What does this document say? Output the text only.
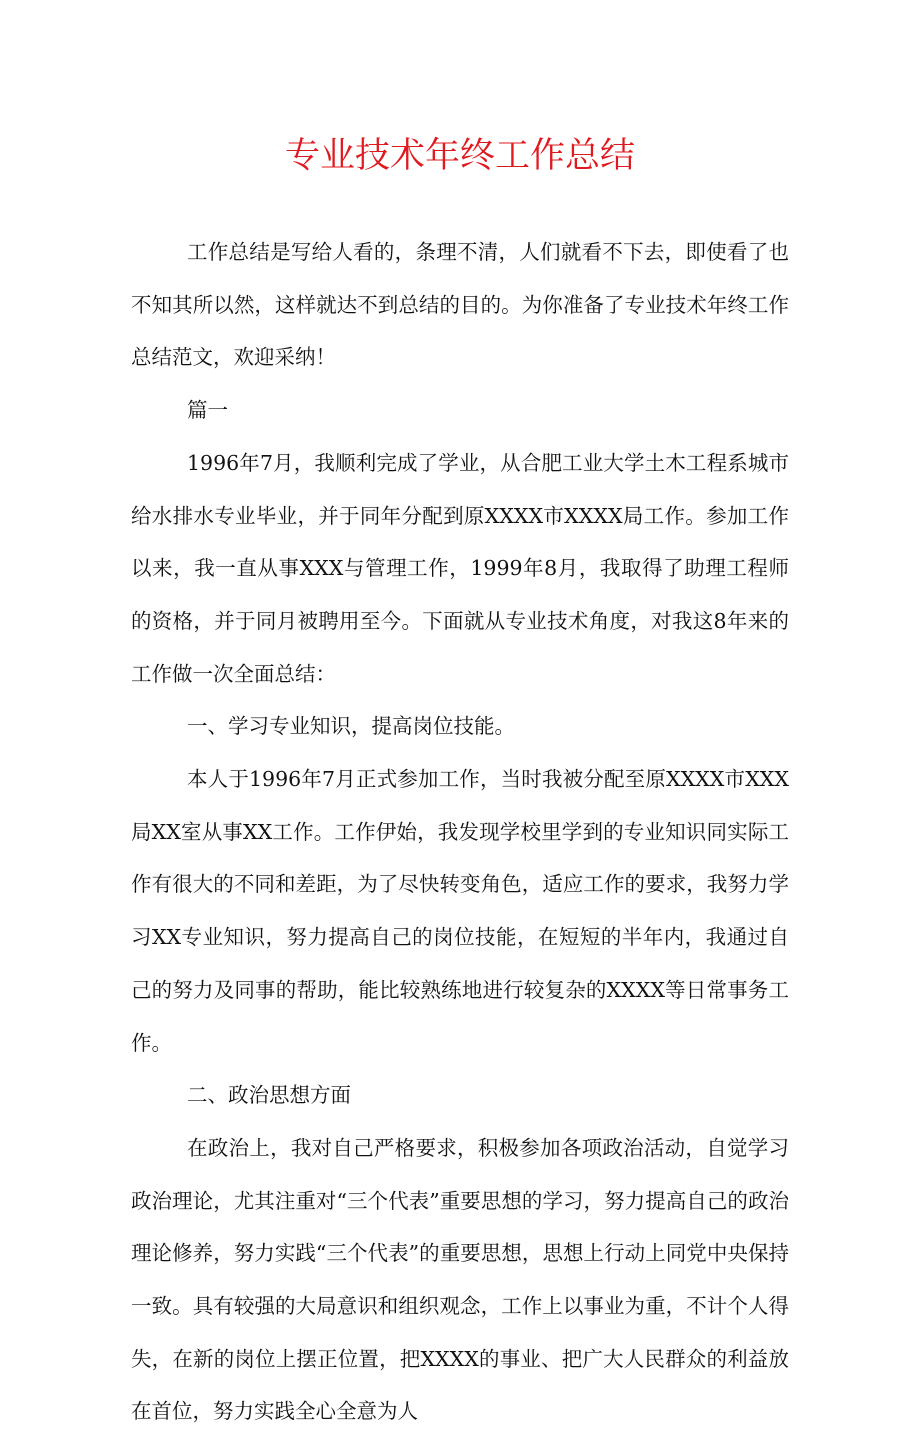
专业技术年终工作总结

工作总结是写给人看的，条理不清，人们就看不下去，即使看了也不知其所以然，这样就达不到总结的目的。为你准备了专业技术年终工作总结范文，欢迎采纳！

篇一

1996年7月，我顺利完成了学业，从合肥工业大学土木工程系城市给水排水专业毕业，并于同年分配到原XXXX市XXXX局工作。参加工作以来，我一直从事XXX与管理工作，1999年8月，我取得了助理工程师的资格，并于同月被聘用至今。下面就从专业技术角度，对我这8年来的工作做一次全面总结：

一、学习专业知识，提高岗位技能。

本人于1996年7月正式参加工作，当时我被分配至原XXXX市XXX局XX室从事XX工作。工作伊始，我发现学校里学到的专业知识同实际工作有很大的不同和差距，为了尽快转变角色，适应工作的要求，我努力学习XX专业知识，努力提高自己的岗位技能，在短短的半年内，我通过自己的努力及同事的帮助，能比较熟练地进行较复杂的XXXX等日常事务工作。

二、政治思想方面

在政治上，我对自己严格要求，积极参加各项政治活动，自觉学习政治理论，尤其注重对“三个代表”重要思想的学习，努力提高自己的政治理论修养，努力实践“三个代表”的重要思想，思想上行动上同党中央保持一致。具有较强的大局意识和组织观念，工作上以事业为重，不计个人得失，在新的岗位上摆正位置，把XXXX的事业、把广大人民群众的利益放在首位，努力实践全心全意为人
